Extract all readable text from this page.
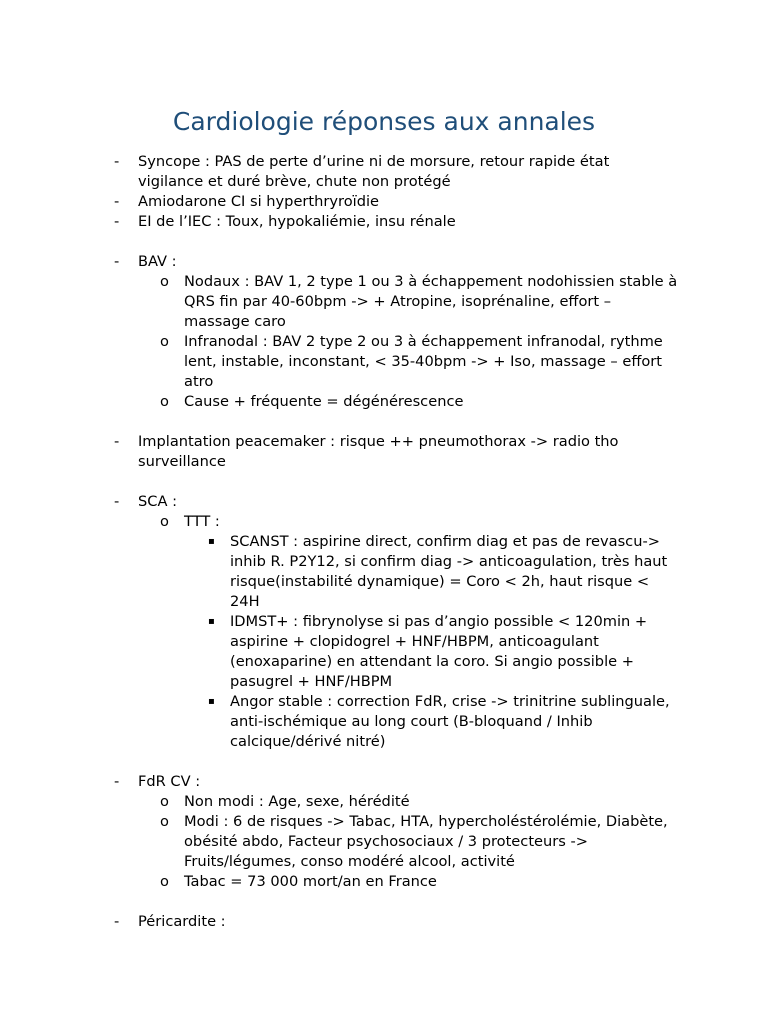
Cardiologie réponses aux annales
- Syncope : PAS de perte d’urine ni de morsure, retour rapide état vigilance et duré brève, chute non protégé
- Amiodarone CI si hyperthryroïdie
- EI de l’IEC : Toux, hypokaliémie, insu rénale
- BAV :
o Nodaux : BAV 1, 2 type 1 ou 3 à échappement nodohissien stable à QRS fin par 40-60bpm -> + Atropine, isoprénaline, effort – massage caro
o Infranodal : BAV 2 type 2 ou 3 à échappement infranodal, rythme lent, instable, inconstant, < 35-40bpm -> + Iso, massage – effort atro
o Cause + fréquente = dégénérescence
- Implantation peacemaker : risque ++ pneumothorax -> radio tho surveillance
- SCA :
o TTT :
▪ SCANST : aspirine direct, confirm diag et pas de revascu-> inhib R. P2Y12, si confirm diag -> anticoagulation, très haut risque(instabilité dynamique) = Coro < 2h, haut risque < 24H
▪ IDMST+ : fibrynolyse si pas d’angio possible < 120min + aspirine + clopidogrel + HNF/HBPM, anticoagulant (enoxaparine) en attendant la coro. Si angio possible + pasugrel + HNF/HBPM
▪ Angor stable : correction FdR, crise -> trinitrine sublinguale, anti-ischémique au long court (B-bloquand / Inhib calcique/dérivé nitré)
- FdR CV :
o Non modi : Age, sexe, hérédité
o Modi : 6 de risques -> Tabac, HTA, hypercholéstérolémie, Diabète, obésité abdo, Facteur psychosociaux / 3 protecteurs -> Fruits/légumes, conso modéré alcool, activité
o Tabac = 73 000 mort/an en France
- Péricardite :
